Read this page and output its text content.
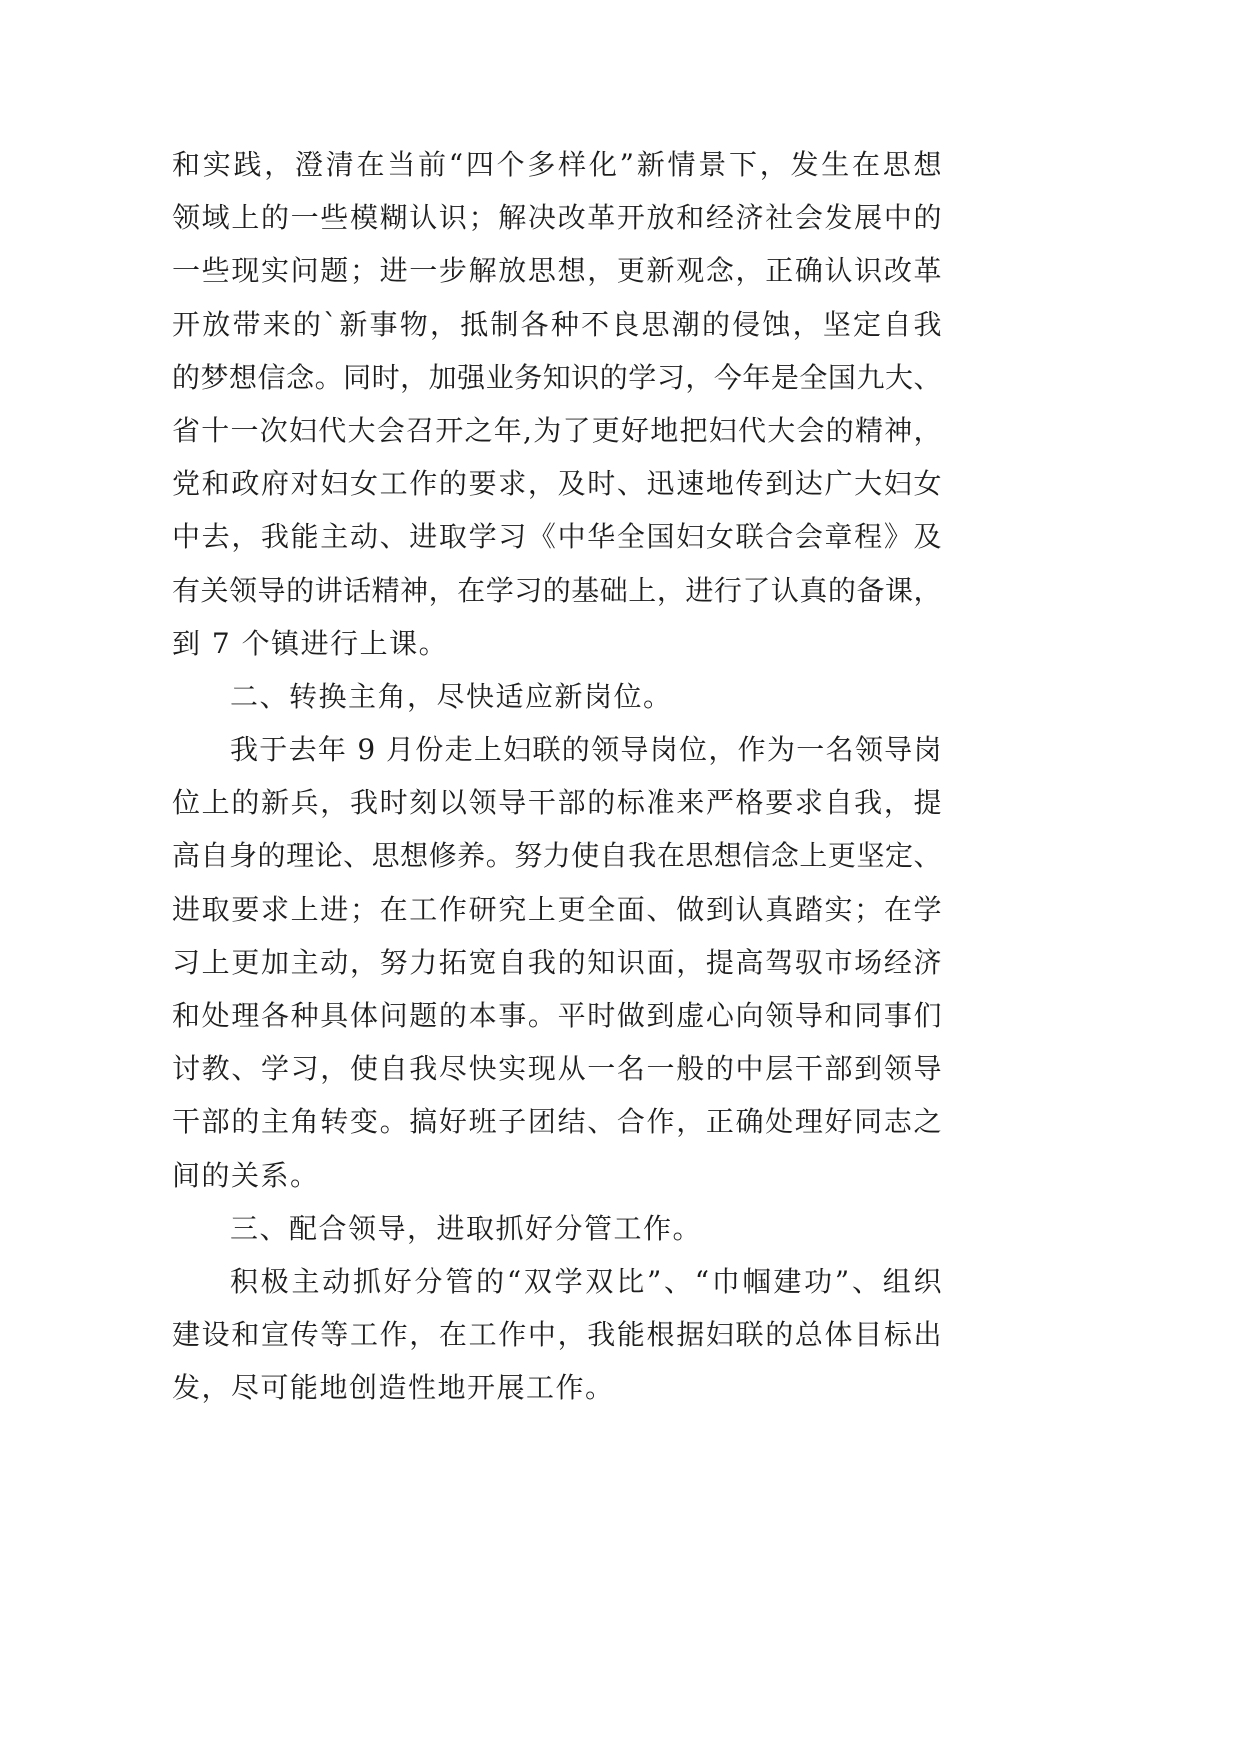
和实践，澄清在当前“四个多样化”新情景下，发生在思想
领域上的一些模糊认识；解决改革开放和经济社会发展中的
一些现实问题；进一步解放思想，更新观念，正确认识改革
开放带来的`新事物，抵制各种不良思潮的侵蚀，坚定自我
的梦想信念。同时，加强业务知识的学习，今年是全国九大、
省十一次妇代大会召开之年,为了更好地把妇代大会的精神，
党和政府对妇女工作的要求，及时、迅速地传到达广大妇女
中去，我能主动、进取学习《中华全国妇女联合会章程》及
有关领导的讲话精神，在学习的基础上，进行了认真的备课，
到 7 个镇进行上课。
二、转换主角，尽快适应新岗位。
我于去年 9 月份走上妇联的领导岗位，作为一名领导岗
位上的新兵，我时刻以领导干部的标准来严格要求自我，提
高自身的理论、思想修养。努力使自我在思想信念上更坚定、
进取要求上进；在工作研究上更全面、做到认真踏实；在学
习上更加主动，努力拓宽自我的知识面，提高驾驭市场经济
和处理各种具体问题的本事。平时做到虚心向领导和同事们
讨教、学习，使自我尽快实现从一名一般的中层干部到领导
干部的主角转变。搞好班子团结、合作，正确处理好同志之
间的关系。
三、配合领导，进取抓好分管工作。
积极主动抓好分管的“双学双比”、“巾帼建功”、组织
建设和宣传等工作，在工作中，我能根据妇联的总体目标出
发，尽可能地创造性地开展工作。
